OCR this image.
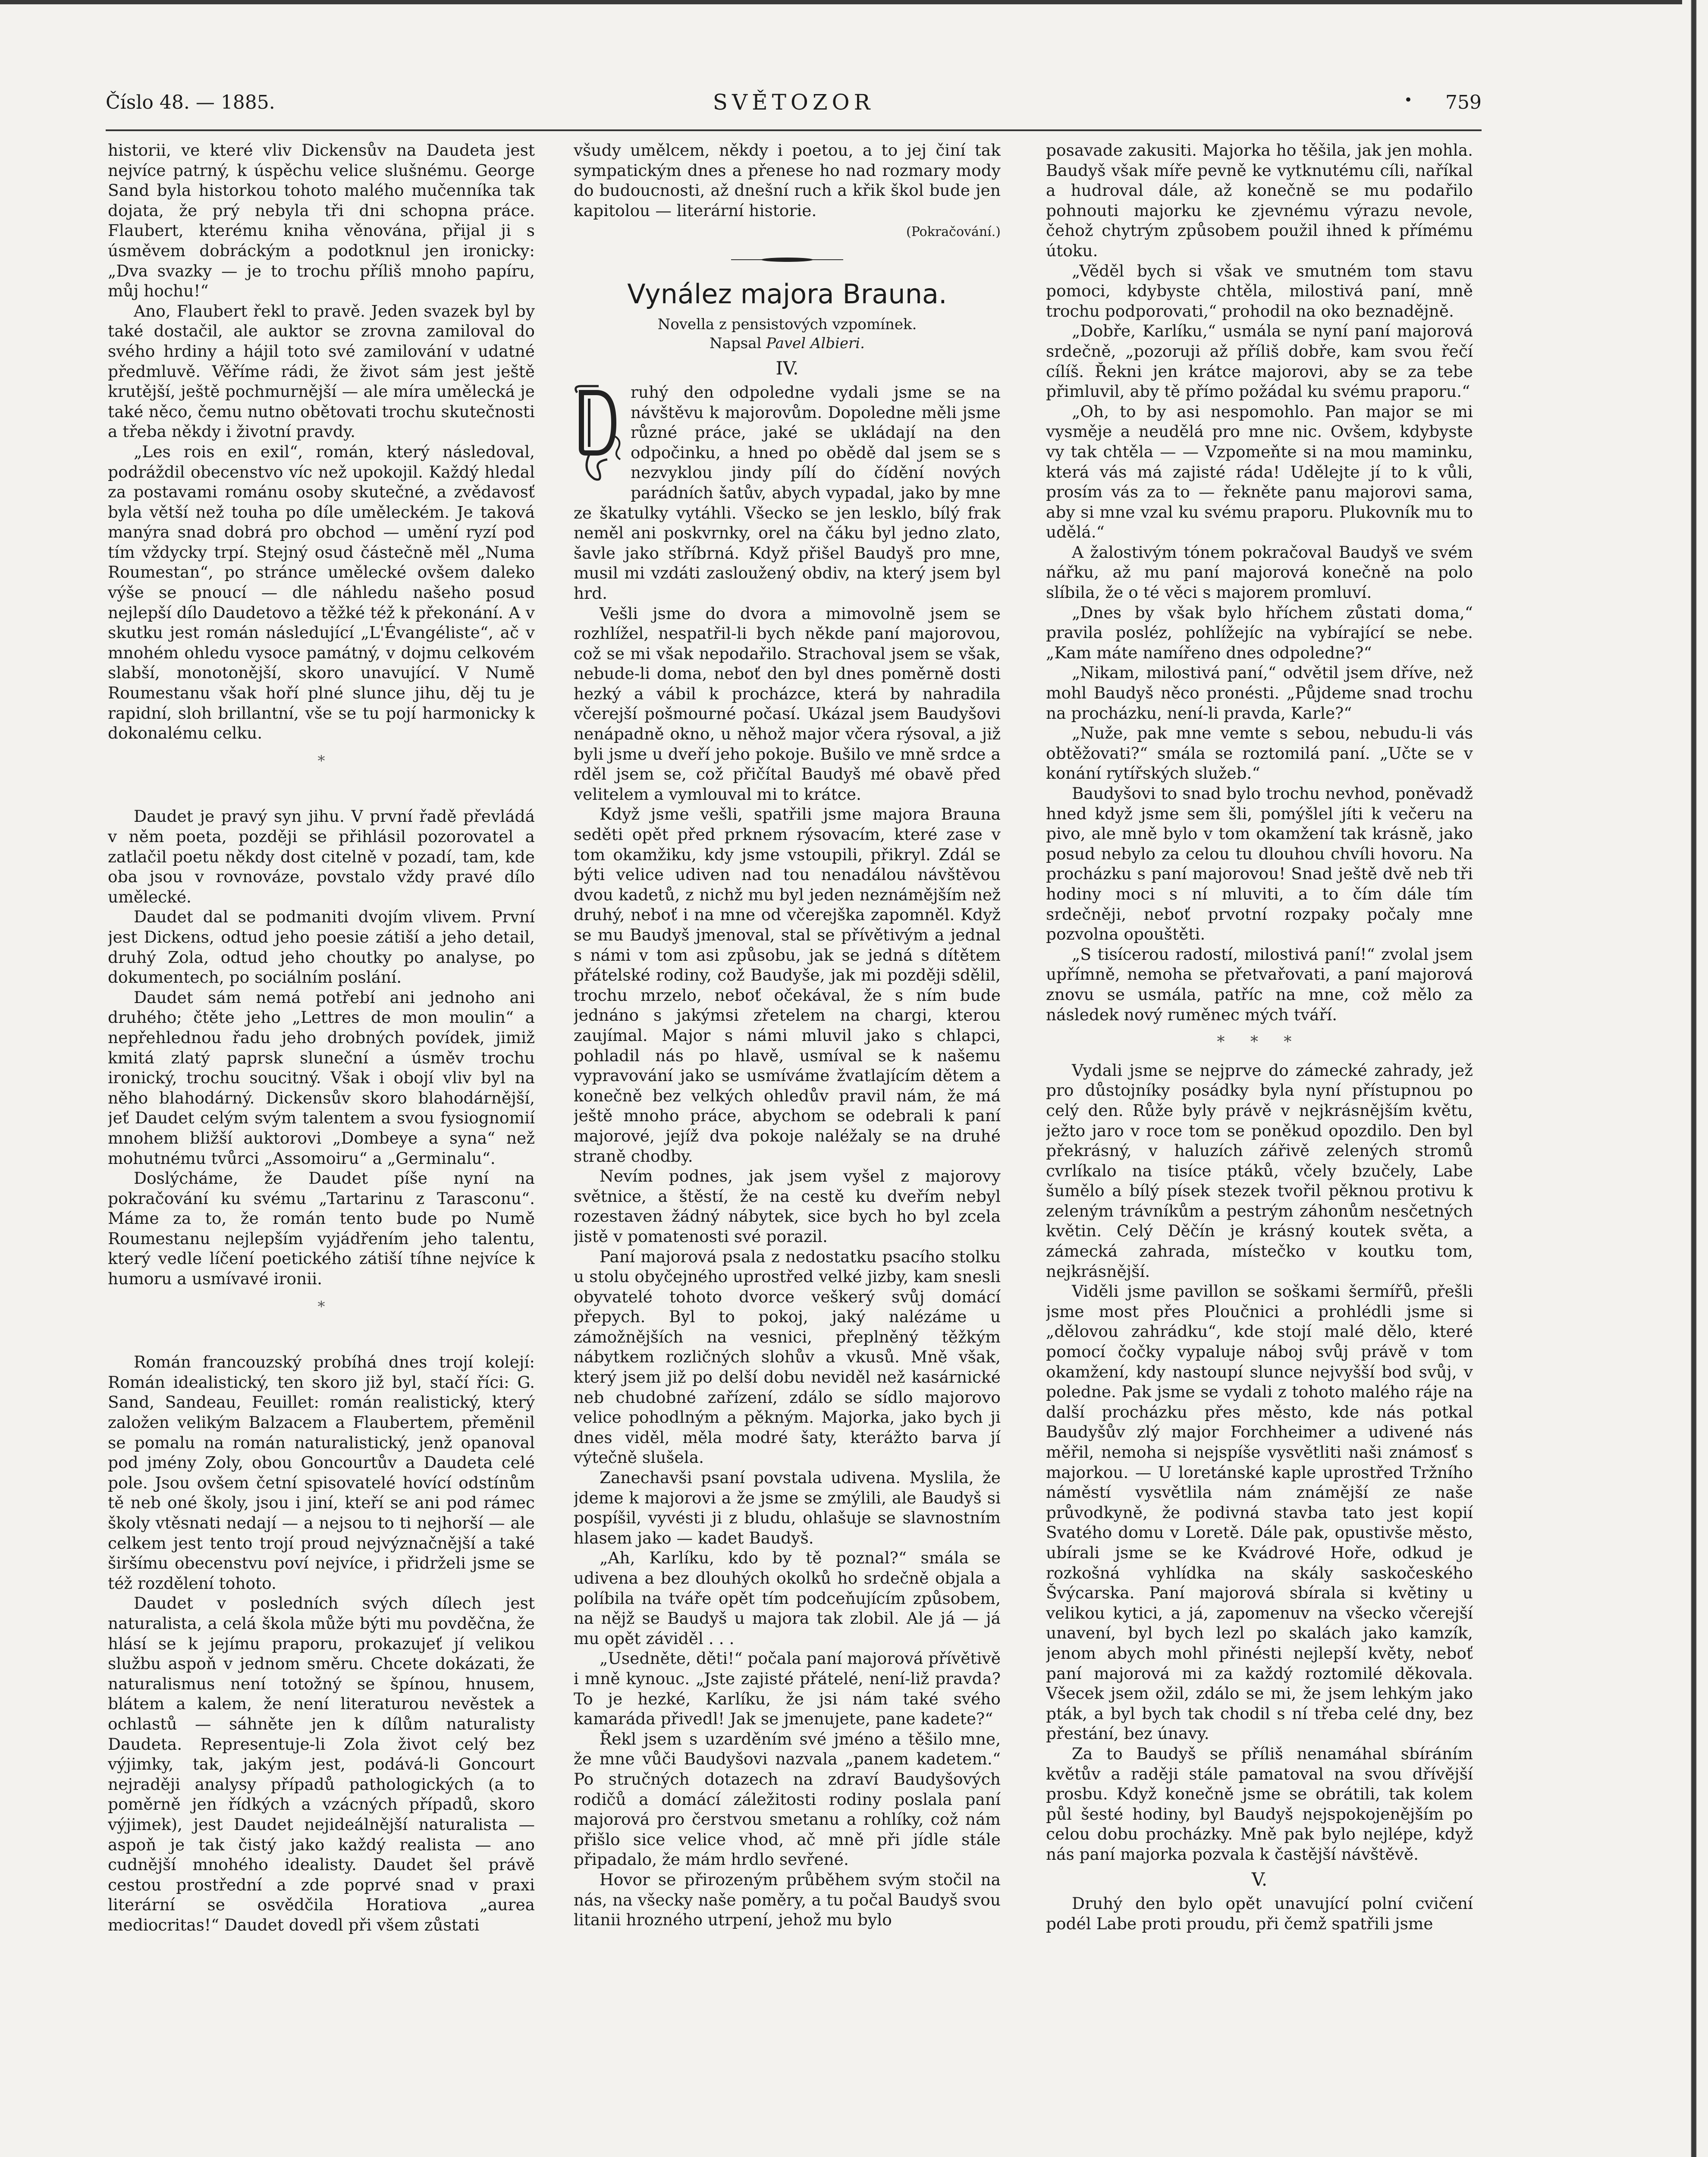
Číslo 48. — 1885.	SVĚTOZOR	• 759

historii, ve které vliv Dickensův na Daudeta jest nejvíce patrný, k úspěchu velice slušnému. George Sand byla historkou tohoto malého mučenníka tak dojata, že prý nebyla tři dni schopna práce. Flaubert, kterému kniha věnována, přijal ji s úsměvem dobráckým a podotknul jen ironicky: „Dva svazky — je to trochu příliš mnoho papíru, můj hochu!“

Ano, Flaubert řekl to pravě. Jeden svazek byl by také dostačil, ale auktor se zrovna zamiloval do svého hrdiny a hájil toto své zamilování v udatné předmluvě. Věříme rádi, že život sám jest ještě krutější, ještě pochmurnější — ale míra umělecká je také něco, čemu nutno obětovati trochu skutečnosti a třeba někdy i životní pravdy.

„Les rois en exil“, román, který následoval, podráždil obecenstvo víc než upokojil. Každý hledal za postavami románu osoby skutečné, a zvědavosť byla větší než touha po díle uměleckém. Je taková manýra snad dobrá pro obchod — umění ryzí pod tím vždycky trpí. Stejný osud částečně měl „Numa Roumestan“, po stránce umělecké ovšem daleko výše se pnoucí — dle náhledu našeho posud nejlepší dílo Daudetovo a těžké též k překonání. A v skutku jest román následující „L'Évangéliste“, ač v mnohém ohledu vysoce památný, v dojmu celkovém slabší, monotonější, skoro unavující. V Numě Roumestanu však hoří plné slunce jihu, děj tu je rapidní, sloh brillantní, vše se tu pojí harmonicky k dokonalému celku.

*

Daudet je pravý syn jihu. V první řadě převládá v něm poeta, později se přihlásil pozorovatel a zatlačil poetu někdy dost citelně v pozadí, tam, kde oba jsou v rovnováze, povstalo vždy pravé dílo umělecké.

Daudet dal se podmaniti dvojím vlivem. První jest Dickens, odtud jeho poesie zátiší a jeho detail, druhý Zola, odtud jeho choutky po analyse, po dokumentech, po sociálním poslání.

Daudet sám nemá potřebí ani jednoho ani druhého; čtěte jeho „Lettres de mon moulin“ a nepřehlednou řadu jeho drobných povídek, jimiž kmitá zlatý paprsk sluneční a úsměv trochu ironický, trochu soucitný. Však i obojí vliv byl na něho blahodárný. Dickensův skoro blahodárnější, jeť Daudet celým svým talentem a svou fysiognomií mnohem bližší auktorovi „Dombeye a syna“ než mohutnému tvůrci „Assomoiru“ a „Germinalu“.

Doslýcháme, že Daudet píše nyní na pokračování ku svému „Tartarinu z Tarasconu“. Máme za to, že román tento bude po Numě Roumestanu nejlepším vyjádřením jeho talentu, který vedle líčení poetického zátiší tíhne nejvíce k humoru a usmívavé ironii.

*

Román francouzský probíhá dnes trojí kolejí: Román idealistický, ten skoro již byl, stačí říci: G. Sand, Sandeau, Feuillet: román realistický, který založen velikým Balzacem a Flaubertem, přeměnil se pomalu na román naturalistický, jenž opanoval pod jmény Zoly, obou Goncourtův a Daudeta celé pole. Jsou ovšem četní spisovatelé hovící odstínům tě neb oné školy, jsou i jiní, kteří se ani pod rámec školy vtěsnati nedají — a nejsou to ti nejhorší — ale celkem jest tento trojí proud nejvýznačnější a také širšímu obecenstvu poví nejvíce, i přidrželi jsme se též rozdělení tohoto.

Daudet v posledních svých dílech jest naturalista, a celá škola může býti mu povděčna, že hlásí se k jejímu praporu, prokazujeť jí velikou službu aspoň v jednom směru. Chcete dokázati, že naturalismus není totožný se špínou, hnusem, blátem a kalem, že není literaturou nevěstek a ochlastů — sáhněte jen k dílům naturalisty Daudeta. Representuje-li Zola život celý bez výjimky, tak, jakým jest, podává-li Goncourt nejraději analysy případů pathologických (a to poměrně jen řídkých a vzácných případů, skoro výjimek), jest Daudet nejideálnější naturalista — aspoň je tak čistý jako každý realista — ano cudnější mnohého idealisty. Daudet šel právě cestou prostřední a zde poprvé snad v praxi literární se osvědčila Horatiova „aurea mediocritas!“ Daudet dovedl při všem zůstati

všudy umělcem, někdy i poetou, a to jej činí tak sympatickým dnes a přenese ho nad rozmary mody do budoucnosti, až dnešní ruch a křik škol bude jen kapitolou — literární historie.

(Pokračování.)
Vynález majora Brauna.
Novella z pensistových vzpomínek.
Napsal Pavel Albieri.
IV.

ruhý den odpoledne vydali jsme se na návštěvu k majorovům. Dopoledne měli jsme různé práce, jaké se ukládají na den odpočinku, a hned po obědě dal jsem se s nezvyklou jindy pílí do čídění nových parádních šatův, abych vypadal, jako by mne ze škatulky vytáhli. Všecko se jen lesklo, bílý frak neměl ani poskvrnky, orel na čáku byl jedno zlato, šavle jako stříbrná. Když přišel Baudyš pro mne, musil mi vzdáti zasloužený obdiv, na který jsem byl hrd.

Vešli jsme do dvora a mimovolně jsem se rozhlížel, nespatřil-li bych někde paní majorovou, což se mi však nepodařilo. Strachoval jsem se však, nebude-li doma, neboť den byl dnes poměrně dosti hezký a vábil k procházce, která by nahradila včerejší pošmourné počasí. Ukázal jsem Baudyšovi nenápadně okno, u něhož major včera rýsoval, a již byli jsme u dveří jeho pokoje. Bušilo ve mně srdce a rděl jsem se, což přičítal Baudyš mé obavě před velitelem a vymlouval mi to krátce.

Když jsme vešli, spatřili jsme majora Brauna seděti opět před prknem rýsovacím, které zase v tom okamžiku, kdy jsme vstoupili, přikryl. Zdál se býti velice udiven nad tou nenadálou návštěvou dvou kadetů, z nichž mu byl jeden neznámějším než druhý, neboť i na mne od včerejška zapomněl. Když se mu Baudyš jmenoval, stal se přívětivým a jednal s námi v tom asi způsobu, jak se jedná s dítětem přátelské rodiny, což Baudyše, jak mi později sdělil, trochu mrzelo, neboť očekával, že s ním bude jednáno s jakýmsi zřetelem na chargi, kterou zaujímal. Major s námi mluvil jako s chlapci, pohladil nás po hlavě, usmíval se k našemu vypravování jako se usmíváme žvatlajícím dětem a konečně bez velkých ohledův pravil nám, že má ještě mnoho práce, abychom se odebrali k paní majorové, jejíž dva pokoje naléžaly se na druhé straně chodby.

Nevím podnes, jak jsem vyšel z majorovy světnice, a štěstí, že na cestě ku dveřím nebyl rozestaven žádný nábytek, sice bych ho byl zcela jistě v pomatenosti své porazil.

Paní majorová psala z nedostatku psacího stolku u stolu obyčejného uprostřed velké jizby, kam snesli obyvatelé tohoto dvorce veškerý svůj domácí přepych. Byl to pokoj, jaký nalézáme u zámožnějších na vesnici, přeplněný těžkým nábytkem rozličných slohův a vkusů. Mně však, který jsem již po delší dobu neviděl než kasárnické neb chudobné zařízení, zdálo se sídlo majorovo velice pohodlným a pěkným. Majorka, jako bych ji dnes viděl, měla modré šaty, kterážto barva jí výtečně slušela.

Zanechavši psaní povstala udivena. Myslila, že jdeme k majorovi a že jsme se zmýlili, ale Baudyš si pospíšil, vyvésti ji z bludu, ohlašuje se slavnostním hlasem jako — kadet Baudyš.

„Ah, Karlíku, kdo by tě poznal?“ smála se udivena a bez dlouhých okolků ho srdečně objala a políbila na tváře opět tím podceňujícím způsobem, na nějž se Baudyš u majora tak zlobil. Ale já — já mu opět záviděl . . .

„Usedněte, děti!“ počala paní majorová přívětivě i mně kynouc. „Jste zajisté přátelé, není-liž pravda? To je hezké, Karlíku, že jsi nám také svého kamaráda přivedl! Jak se jmenujete, pane kadete?“

Řekl jsem s uzarděním své jméno a těšilo mne, že mne vůči Baudyšovi nazvala „panem kadetem.“ Po stručných dotazech na zdraví Baudyšových rodičů a domácí záležitosti rodiny poslala paní majorová pro čerstvou smetanu a rohlíky, což nám přišlo sice velice vhod, ač mně při jídle stále připadalo, že mám hrdlo sevřené.

Hovor se přirozeným průběhem svým stočil na nás, na všecky naše poměry, a tu počal Baudyš svou litanii hrozného utrpení, jehož mu bylo

posavade zakusiti. Majorka ho těšila, jak jen mohla. Baudyš však míře pevně ke vytknutému cíli, naříkal a hudroval dále, až konečně se mu podařilo pohnouti majorku ke zjevnému výrazu nevole, čehož chytrým způsobem použil ihned k přímému útoku.

„Věděl bych si však ve smutném tom stavu pomoci, kdybyste chtěla, milostivá paní, mně trochu podporovati,“ prohodil na oko beznadějně.

„Dobře, Karlíku,“ usmála se nyní paní majorová srdečně, „pozoruji až příliš dobře, kam svou řečí cílíš. Řekni jen krátce majorovi, aby se za tebe přimluvil, aby tě přímo požádal ku svému praporu.“

„Oh, to by asi nespomohlo. Pan major se mi vysměje a neudělá pro mne nic. Ovšem, kdybyste vy tak chtěla — — Vzpomeňte si na mou maminku, která vás má zajisté ráda! Udělejte jí to k vůli, prosím vás za to — řekněte panu majorovi sama, aby si mne vzal ku svému praporu. Plukovník mu to udělá.“

A žalostivým tónem pokračoval Baudyš ve svém nářku, až mu paní majorová konečně na polo slíbila, že o té věci s majorem promluví.

„Dnes by však bylo hříchem zůstati doma,“ pravila posléz, pohlížejíc na vybírající se nebe. „Kam máte namířeno dnes odpoledne?“

„Nikam, milostivá paní,“ odvětil jsem dříve, než mohl Baudyš něco pronésti. „Půjdeme snad trochu na procházku, není-li pravda, Karle?“

„Nuže, pak mne vemte s sebou, nebudu-li vás obtěžovati?“ smála se roztomilá paní. „Učte se v konání rytířských služeb.“

Baudyšovi to snad bylo trochu nevhod, poněvadž hned když jsme sem šli, pomýšlel jíti k večeru na pivo, ale mně bylo v tom okamžení tak krásně, jako posud nebylo za celou tu dlouhou chvíli hovoru. Na procházku s paní majorovou! Snad ještě dvě neb tři hodiny moci s ní mluviti, a to čím dále tím srdečněji, neboť prvotní rozpaky počaly mne pozvolna opouštěti.

„S tisícerou radostí, milostivá paní!“ zvolal jsem upřímně, nemoha se přetvařovati, a paní majorová znovu se usmála, patříc na mne, což mělo za následek nový ruměnec mých tváří.

* * *

Vydali jsme se nejprve do zámecké zahrady, jež pro důstojníky posádky byla nyní přístupnou po celý den. Růže byly právě v nejkrásnějším květu, ježto jaro v roce tom se poněkud opozdilo. Den byl překrásný, v haluzích zářivě zelených stromů cvrlíkalo na tisíce ptáků, včely bzučely, Labe šumělo a bílý písek stezek tvořil pěknou protivu k zeleným trávníkům a pestrým záhonům nesčetných květin. Celý Děčín je krásný koutek světa, a zámecká zahrada, místečko v koutku tom, nejkrásnější.

Viděli jsme pavillon se soškami šermířů, přešli jsme most přes Ploučnici a prohlédli jsme si „dělovou zahrádku“, kde stojí malé dělo, které pomocí čočky vypaluje náboj svůj právě v tom okamžení, kdy nastoupí slunce nejvyšší bod svůj, v poledne. Pak jsme se vydali z tohoto malého ráje na další procházku přes město, kde nás potkal Baudyšův zlý major Forchheimer a udivené nás měřil, nemoha si nejspíše vysvětliti naši známosť s majorkou. — U loretánské kaple uprostřed Tržního náměstí vysvětlila nám známější ze naše průvodkyně, že podivná stavba tato jest kopií Svatého domu v Loretě. Dále pak, opustivše město, ubírali jsme se ke Kvádrové Hoře, odkud je rozkošná vyhlídka na skály saskočeského Švýcarska. Paní majorová sbírala si květiny u velikou kytici, a já, zapomenuv na všecko včerejší unavení, byl bych lezl po skalách jako kamzík, jenom abych mohl přinésti nejlepší květy, neboť paní majorová mi za každý roztomilé děkovala. Všecek jsem ožil, zdálo se mi, že jsem lehkým jako pták, a byl bych tak chodil s ní třeba celé dny, bez přestání, bez únavy.

Za to Baudyš se příliš nenamáhal sbíráním květův a raději stále pamatoval na svou dřívější prosbu. Když konečně jsme se obrátili, tak kolem půl šesté hodiny, byl Baudyš nejspokojenějším po celou dobu procházky. Mně pak bylo nejlépe, když nás paní majorka pozvala k častější návštěvě.

V.

Druhý den bylo opět unavující polní cvičení podél Labe proti proudu, při čemž spatřili jsme
